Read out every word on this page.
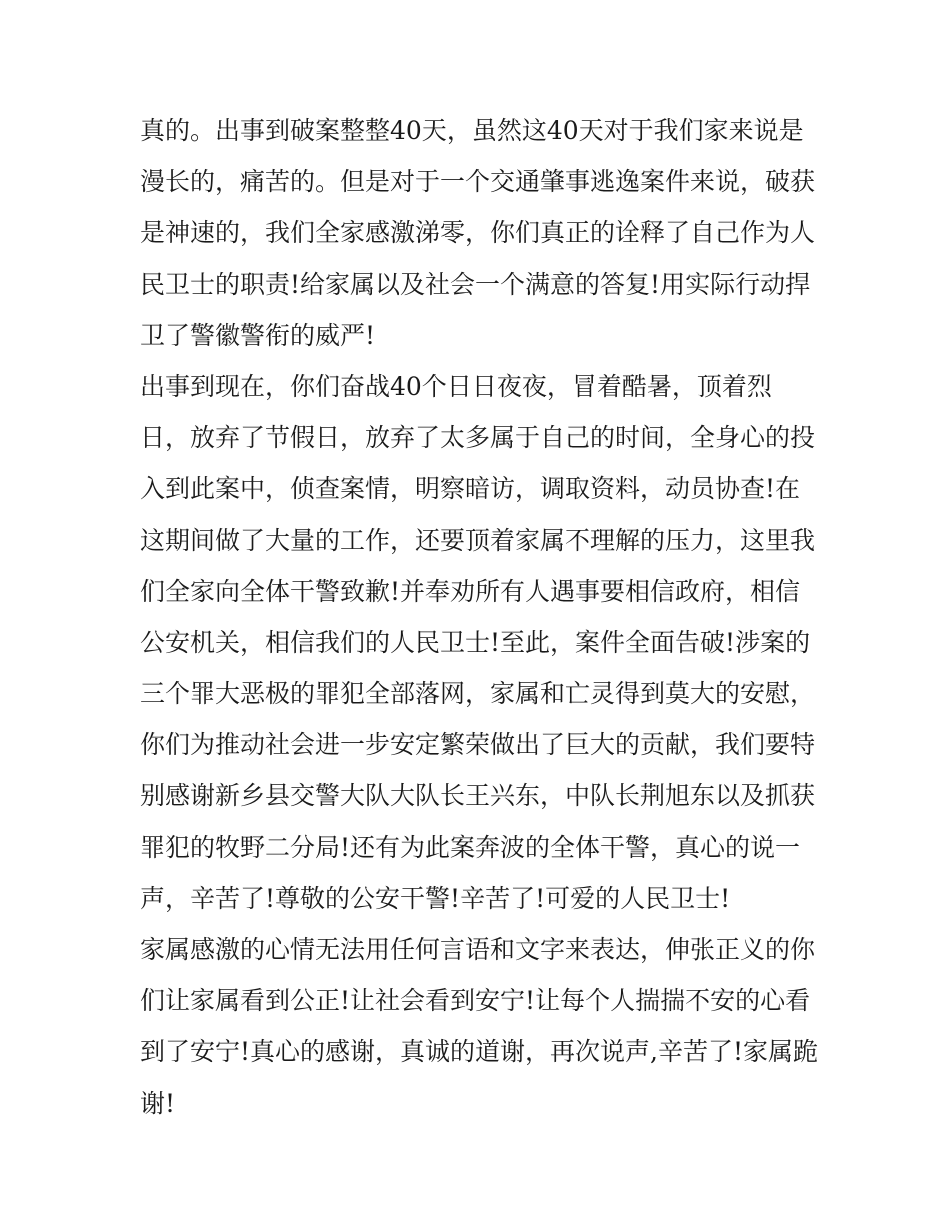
真的。出事到破案整整40天，虽然这40天对于我们家来说是
漫长的，痛苦的。但是对于一个交通肇事逃逸案件来说，破获
是神速的，我们全家感激涕零，你们真正的诠释了自己作为人
民卫士的职责!给家属以及社会一个满意的答复!用实际行动捍
卫了警徽警衔的威严!
出事到现在，你们奋战40个日日夜夜，冒着酷暑，顶着烈
日，放弃了节假日，放弃了太多属于自己的时间，全身心的投
入到此案中，侦查案情，明察暗访，调取资料，动员协查!在
这期间做了大量的工作，还要顶着家属不理解的压力，这里我
们全家向全体干警致歉!并奉劝所有人遇事要相信政府，相信
公安机关，相信我们的人民卫士!至此，案件全面告破!涉案的
三个罪大恶极的罪犯全部落网，家属和亡灵得到莫大的安慰，
你们为推动社会进一步安定繁荣做出了巨大的贡献，我们要特
别感谢新乡县交警大队大队长王兴东，中队长荆旭东以及抓获
罪犯的牧野二分局!还有为此案奔波的全体干警，真心的说一
声，辛苦了!尊敬的公安干警!辛苦了!可爱的人民卫士!
家属感激的心情无法用任何言语和文字来表达，伸张正义的你
们让家属看到公正!让社会看到安宁!让每个人揣揣不安的心看
到了安宁!真心的感谢，真诚的道谢，再次说声,辛苦了!家属跪
谢!
